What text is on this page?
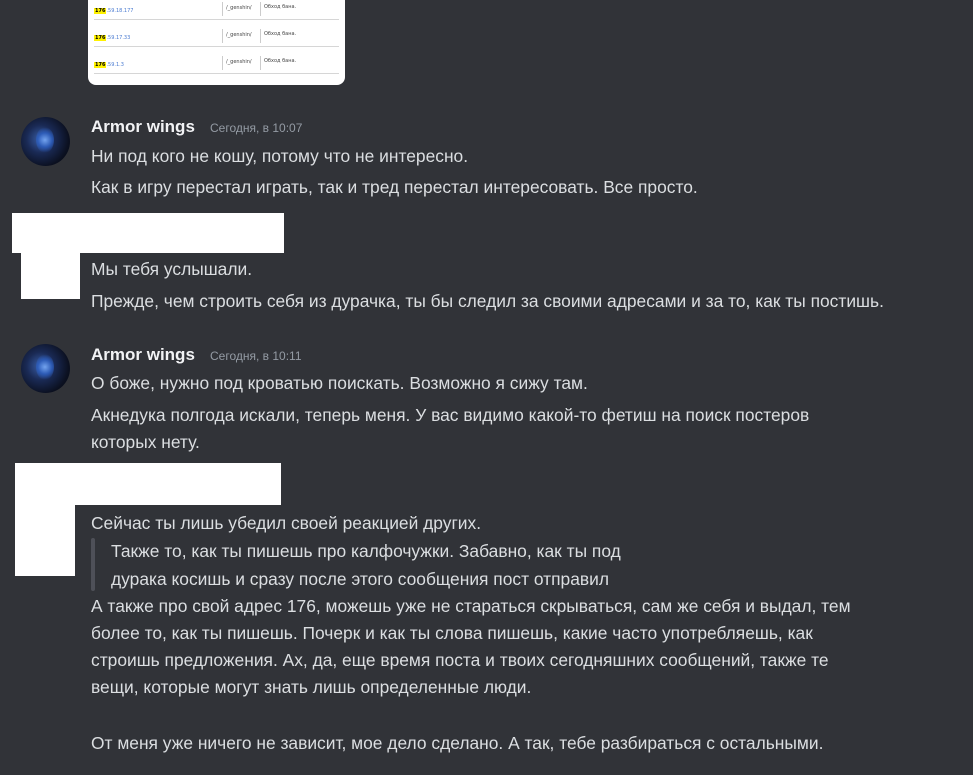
176.59.18.177	/_genshin/	Обход бана.
176.59.17.33	/_genshin/	Обход бана.
176.59.1.3	/_genshin/	Обход бана.
Armor wings Сегодня, в 10:07
Ни под кого не кошу, потому что не интересно.
Как в игру перестал играть, так и тред перестал интересовать. Все просто.
Мы тебя услышали.
Прежде, чем строить себя из дурачка, ты бы следил за своими адресами и за то, как ты постишь.
Armor wings Сегодня, в 10:11
О боже, нужно под кроватью поискать. Возможно я сижу там.
Акнедука полгода искали, теперь меня. У вас видимо какой-то фетиш на поиск постеров
которых нету.
Сейчас ты лишь убедил своей реакцией других.
Также то, как ты пишешь про калфочужки. Забавно, как ты под
дурака косишь и сразу после этого сообщения пост отправил
А также про свой адрес 176, можешь уже не стараться скрываться, сам же себя и выдал, тем
более то, как ты пишешь. Почерк и как ты слова пишешь, какие часто употребляешь, как
строишь предложения. Ах, да, еще время поста и твоих сегодняшних сообщений, также те
вещи, которые могут знать лишь определенные люди.
От меня уже ничего не зависит, мое дело сделано. А так, тебе разбираться с остальными.
